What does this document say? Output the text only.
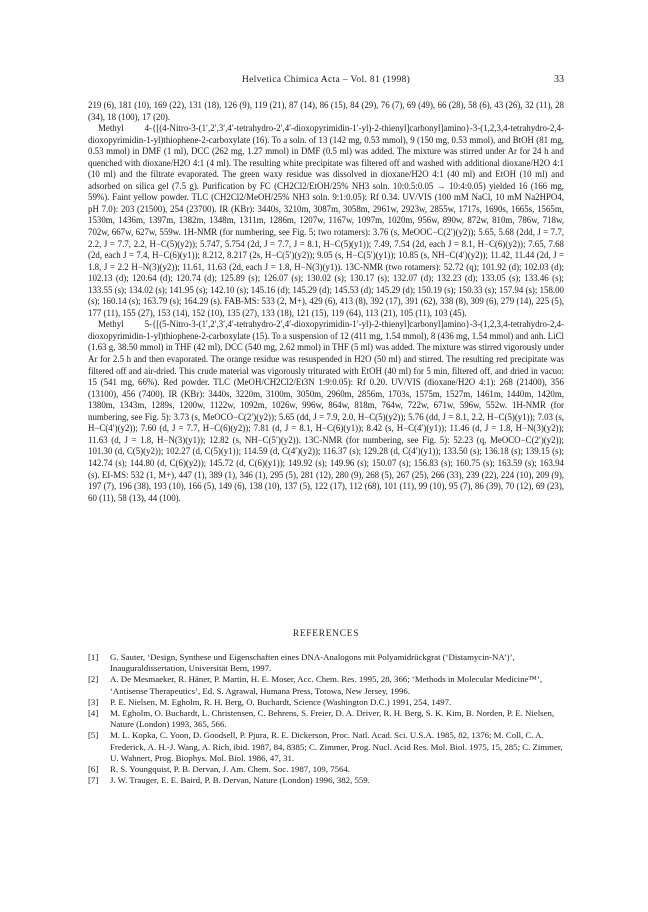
Helvetica Chimica Acta – Vol. 81 (1998)	33

219 (6), 181 (10), 169 (22), 131 (18), 126 (9), 119 (21), 87 (14), 86 (15), 84 (29), 76 (7), 69 (49), 66 (28), 58 (6), 43 (26), 32 (11), 28 (34), 18 (100), 17 (20).

Methyl 4-{[(4-Nitro-3-(1′,2′,3′,4′-tetrahydro-2′,4′-dioxopyrimidin-1′-yl)-2-thienyl]carbonyl]amino}-3-(1,2,3,4-tetrahydro-2,4-dioxopyrimidin-1-yl)thiophene-2-carboxylate (16). To a soln. of 13 (142 mg, 0.53 mmol), 9 (150 mg, 0.53 mmol), and BtOH (81 mg, 0.53 mmol) in DMF (1 ml), DCC (262 mg, 1.27 mmol) in DMF (0.5 ml) was added. The mixture was stirred under Ar for 24 h and quenched with dioxane/H2O 4:1 (4 ml). The resulting white precipitate was filtered off and washed with additional dioxane/H2O 4:1 (10 ml) and the filtrate evaporated. The green waxy residue was dissolved in dioxane/H2O 4:1 (40 ml) and EtOH (10 ml) and adsorbed on silica gel (7.5 g). Purification by FC (CH2Cl2/EtOH/25% NH3 soln. 10:0.5:0.05 → 10:4:0.05) yielded 16 (166 mg, 59%). Faint yellow powder. TLC (CH2Cl2/MeOH/25% NH3 soln. 9:1:0.05): Rf 0.34. UV/VIS (100 mM NaCl, 10 mM Na2HPO4, pH 7.0): 203 (21500), 254 (23700). IR (KBr): 3440s, 3210m, 3087m, 3058m, 2961w, 2923w, 2855w, 1717s, 1690s, 1665s, 1565m, 1530m, 1436m, 1397m, 1382m, 1348m, 1311m, 1286m, 1207w, 1167w, 1097m, 1020m, 956w, 890w, 872w, 810m, 786w, 718w, 702w, 667w, 627w, 559w. 1H-NMR (for numbering, see Fig. 5; two rotamers): 3.76 (s, MeOOC−C(2′)(y2)); 5.65, 5.68 (2dd, J = 7.7, 2.2, J = 7.7, 2.2, H−C(5)(y2)); 5.747, 5.754 (2d, J = 7.7, J = 8.1, H−C(5)(y1)); 7.49, 7.54 (2d, each J = 8.1, H−C(6)(y2)); 7.65, 7.68 (2d, each J = 7.4, H−C(6)(y1)); 8.212, 8.217 (2s, H−C(5′)(y2)); 9.05 (s, H−C(5′)(y1)); 10.85 (s, NH−C(4′)(y2)); 11.42, 11.44 (2d, J = 1.8, J = 2.2 H−N(3)(y2)); 11.61, 11.63 (2d, each J = 1.8, H−N(3)(y1)). 13C-NMR (two rotamers): 52.72 (q); 101.92 (d); 102.03 (d); 102.13 (d); 120.64 (d); 120.74 (d); 125.89 (s); 126.07 (s); 130.02 (s); 130.17 (s); 132.07 (d); 132.23 (d); 133.05 (s); 133.46 (s); 133.55 (s); 134.02 (s); 141.95 (s); 142.10 (s); 145.16 (d); 145.29 (d); 145.53 (d); 145.29 (d); 150.19 (s); 150.33 (s); 157.94 (s); 158.00 (s); 160.14 (s); 163.79 (s); 164.29 (s). FAB-MS: 533 (2, M+), 429 (6), 413 (8), 392 (17), 391 (62), 338 (8), 309 (6), 279 (14), 225 (5), 177 (11), 155 (27), 153 (14), 152 (10), 135 (27), 133 (18), 121 (15), 119 (64), 113 (21), 105 (11), 103 (45).

Methyl 5-{[(5-Nitro-3-(1′,2′,3′,4′-tetrahydro-2′,4′-dioxopyrimidin-1′-yl)-2-thienyl]carbonyl]amino}-3-(1,2,3,4-tetrahydro-2,4-dioxopyrimidin-1-yl)thiophene-2-carboxylate (15). To a suspension of 12 (411 mg, 1.54 mmol), 8 (436 mg, 1.54 mmol) and anh. LiCl (1.63 g, 38.50 mmol) in THF (42 ml), DCC (540 mg, 2.62 mmol) in THF (5 ml) was added. The mixture was stirred vigorously under Ar for 2.5 h and then evaporated. The orange residue was resuspended in H2O (50 ml) and stirred. The resulting red precipitate was filtered off and air-dried. This crude material was vigorously triturated with EtOH (40 ml) for 5 min, filtered off, and dried in vacuo: 15 (541 mg, 66%). Red powder. TLC (MeOH/CH2Cl2/Et3N 1:9:0.05): Rf 0.20. UV/VIS (dioxane/H2O 4:1): 268 (21400), 356 (13100), 456 (7400). IR (KBr): 3440s, 3220m, 3100m, 3050m, 2960m, 2856m, 1703s, 1575m, 1527m, 1461m, 1440m, 1420m, 1380m, 1343m, 1289s, 1200w, 1122w, 1092m, 1026w, 996w, 864w, 818m, 764w, 722w, 671w, 596w, 552w. 1H-NMR (for numbering, see Fig. 5): 3.73 (s, MeOCO−C(2′)(y2)); 5.65 (dd, J = 7.9, 2.0, H−C(5)(y2)); 5.76 (dd, J = 8.1, 2.2, H−C(5)(y1)); 7.03 (s, H−C(4′)(y2)); 7.60 (d, J = 7.7, H−C(6)(y2)); 7.81 (d, J = 8.1, H−C(6)(y1)); 8.42 (s, H−C(4′)(y1)); 11.46 (d, J = 1.8, H−N(3)(y2)); 11.63 (d, J = 1.8, H−N(3)(y1)); 12.82 (s, NH−C(5′)(y2)). 13C-NMR (for numbering, see Fig. 5): 52.23 (q, MeOCO−C(2′)(y2)); 101.30 (d, C(5)(y2)); 102.27 (d, C(5)(y1)); 114.59 (d, C(4′)(y2)); 116.37 (s); 129.28 (d, C(4′)(y1)); 133.50 (s); 136.18 (s); 139.15 (s); 142.74 (s); 144.80 (d, C(6)(y2)); 145.72 (d, C(6)(y1)); 149.92 (s); 149.96 (s); 150.07 (s); 156.83 (s); 160.75 (s); 163.59 (s); 163.94 (s). EI-MS: 532 (1, M+), 447 (1), 389 (1), 346 (1), 295 (5), 281 (12), 280 (9), 268 (5), 267 (25), 266 (33), 239 (22), 224 (10), 209 (9), 197 (7), 196 (38), 193 (10), 166 (5), 149 (6), 138 (10), 137 (5), 122 (17), 112 (68), 101 (11), 99 (10), 95 (7), 86 (39), 70 (12), 69 (23), 60 (11), 58 (13), 44 (100).

REFERENCES
[1] G. Sauter, ‘Design, Synthese und Eigenschaften eines DNA-Analogons mit Polyamidrückgrat (‘Distamycin-NA’)’, Inauguraldissertation, Universität Bern, 1997.
[2] A. De Mesmaeker, R. Häner, P. Martin, H. E. Moser, Acc. Chem. Res. 1995, 28, 366; ‘Methods in Molecular Medicine™’, ‘Antisense Therapeutics’, Ed. S. Agrawal, Humana Press, Totowa, New Jersey, 1996.
[3] P. E. Nielsen, M. Egholm, R. H. Berg, O. Buchardt, Science (Washington D.C.) 1991, 254, 1497.
[4] M. Egholm, O. Buchardt, L. Christensen, C. Behrens, S. Freier, D. A. Driver, R. H. Berg, S. K. Kim, B. Norden, P. E. Nielsen, Nature (London) 1993, 365, 566.
[5] M. L. Kopka, C. Yoon, D. Goodsell, P. Pjura, R. E. Dickerson, Proc. Natl. Acad. Sci. U.S.A. 1985, 82, 1376; M. Coll, C. A. Frederick, A. H.-J. Wang, A. Rich, ibid. 1987, 84, 8385; C. Zimmer, Prog. Nucl. Acid Res. Mol. Biol. 1975, 15, 285; C. Zimmer, U. Wahnert, Prog. Biophys. Mol. Biol. 1986, 47, 31.
[6] R. S. Youngquist, P. B. Dervan, J. Am. Chem. Soc. 1987, 109, 7564.
[7] J. W. Trauger, E. E. Baird, P. B. Dervan, Nature (London) 1996, 382, 559.
